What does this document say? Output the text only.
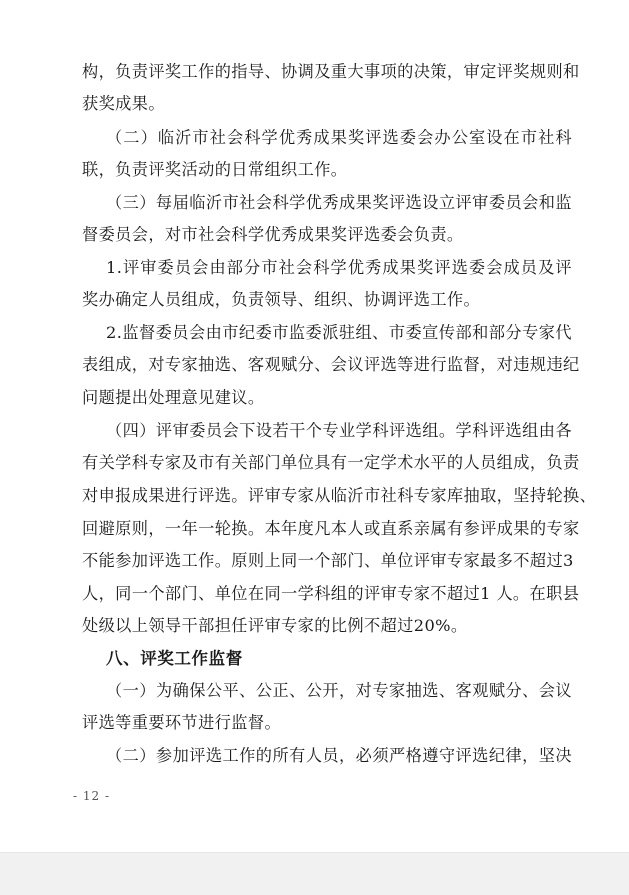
构，负责评奖工作的指导、协调及重大事项的决策，审定评奖规则和
获奖成果。
（二）临沂市社会科学优秀成果奖评选委会办公室设在市社科
联，负责评奖活动的日常组织工作。
（三）每届临沂市社会科学优秀成果奖评选设立评审委员会和监
督委员会，对市社会科学优秀成果奖评选委会负责。
1.评审委员会由部分市社会科学优秀成果奖评选委会成员及评
奖办确定人员组成，负责领导、组织、协调评选工作。
2.监督委员会由市纪委市监委派驻组、市委宣传部和部分专家代
表组成，对专家抽选、客观赋分、会议评选等进行监督，对违规违纪
问题提出处理意见建议。
（四）评审委员会下设若干个专业学科评选组。学科评选组由各
有关学科专家及市有关部门单位具有一定学术水平的人员组成，负责
对申报成果进行评选。评审专家从临沂市社科专家库抽取，坚持轮换、
回避原则，一年一轮换。本年度凡本人或直系亲属有参评成果的专家
不能参加评选工作。原则上同一个部门、单位评审专家最多不超过3
人，同一个部门、单位在同一学科组的评审专家不超过1 人。在职县
处级以上领导干部担任评审专家的比例不超过20%。
八、评奖工作监督
（一）为确保公平、公正、公开，对专家抽选、客观赋分、会议
评选等重要环节进行监督。
（二）参加评选工作的所有人员，必须严格遵守评选纪律，坚决
- 12 -
